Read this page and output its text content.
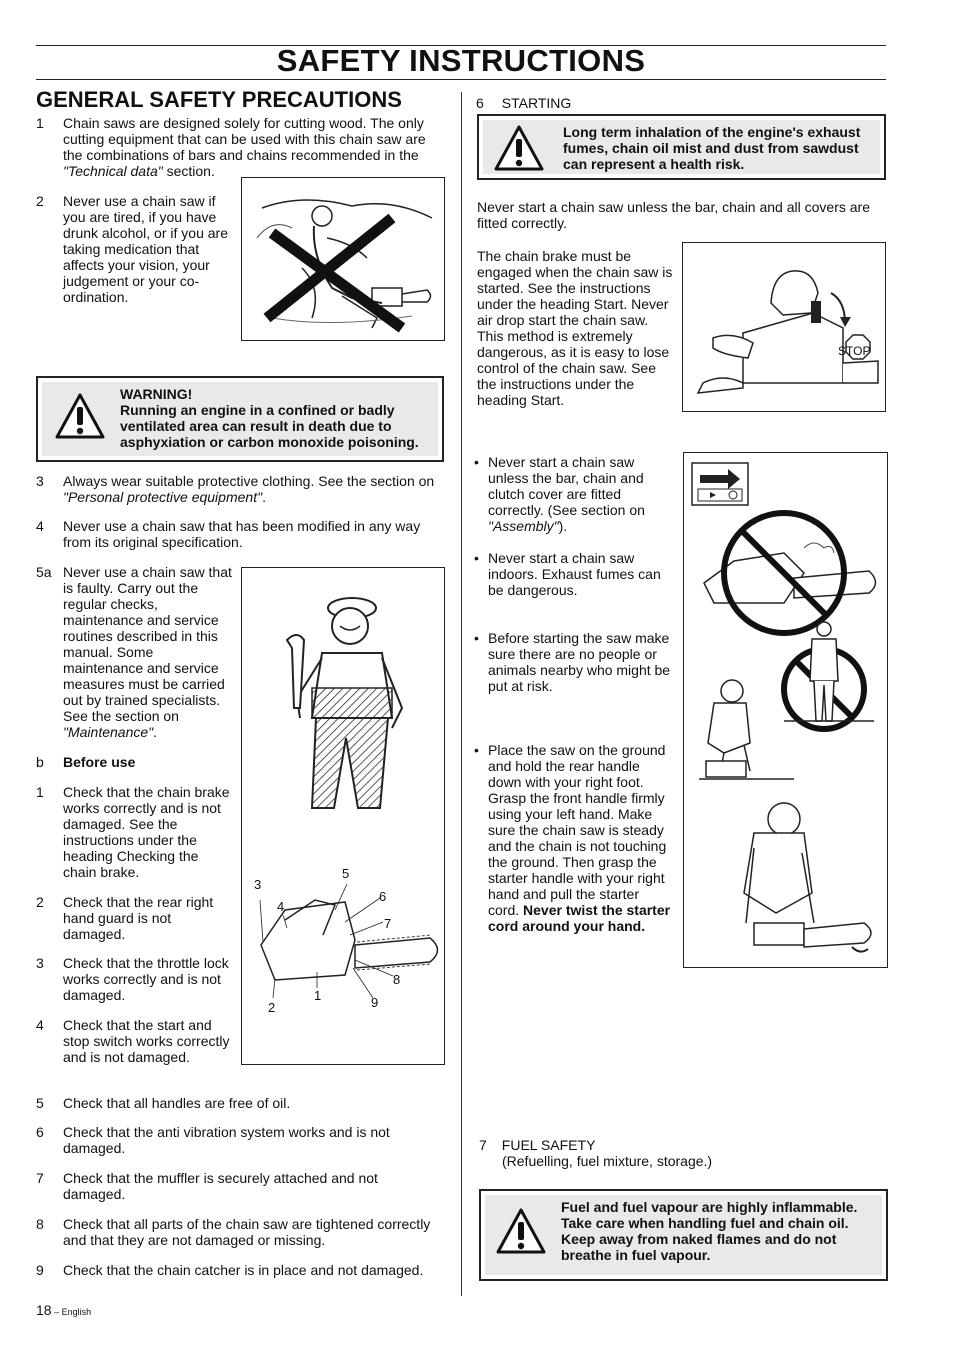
SAFETY INSTRUCTIONS
GENERAL SAFETY PRECAUTIONS
1 Chain saws are designed solely for cutting wood. The only cutting equipment that can be used with this chain saw are the combinations of bars and chains recommended in the "Technical data" section.
2 Never use a chain saw if you are tired, if you have drunk alcohol, or if you are taking medication that affects your vision, your judgement or your co-ordination.
WARNING!
Running an engine in a confined or badly ventilated area can result in death due to asphyxiation or carbon monoxide poisoning.
3 Always wear suitable protective clothing. See the section on "Personal protective equipment".
4 Never use a chain saw that has been modified in any way from its original specification.
5a Never use a chain saw that is faulty. Carry out the regular checks, maintenance and service routines described in this manual. Some maintenance and service measures must be carried out by trained specialists. See the section on "Maintenance".
b Before use
1 Check that the chain brake works correctly and is not damaged. See the instructions under the heading Checking the chain brake.
2 Check that the rear right hand guard is not damaged.
3 Check that the throttle lock works correctly and is not damaged.
4 Check that the start and stop switch works correctly and is not damaged.
5 Check that all handles are free of oil.
6 Check that the anti vibration system works and is not damaged.
7 Check that the muffler is securely attached and not damaged.
8 Check that all parts of the chain saw are tightened correctly and that they are not damaged or missing.
9 Check that the chain catcher is in place and not damaged.
1
2
3
4
5
6
7
8
9
6 STARTING
Long term inhalation of the engine's exhaust fumes, chain oil mist and dust from sawdust can represent a health risk.
Never start a chain saw unless the bar, chain and all covers are fitted correctly.
The chain brake must be engaged when the chain saw is started. See the instructions under the heading Start. Never air drop start the chain saw. This method is extremely dangerous, as it is easy to lose control of the chain saw. See the instructions under the heading Start.
STOP
• Never start a chain saw unless the bar, chain and clutch cover are fitted correctly. (See section on "Assembly").
• Never start a chain saw indoors. Exhaust fumes can be dangerous.
• Before starting the saw make sure there are no people or animals nearby who might be put at risk.
• Place the saw on the ground and hold the rear handle down with your right foot. Grasp the front handle firmly using your left hand. Make sure the chain saw is steady and the chain is not touching the ground. Then grasp the starter handle with your right hand and pull the starter cord. Never twist the starter cord around your hand.
7 FUEL SAFETY
(Refuelling, fuel mixture, storage.)
Fuel and fuel vapour are highly inflammable. Take care when handling fuel and chain oil. Keep away from naked flames and do not breathe in fuel vapour.
18 – English
